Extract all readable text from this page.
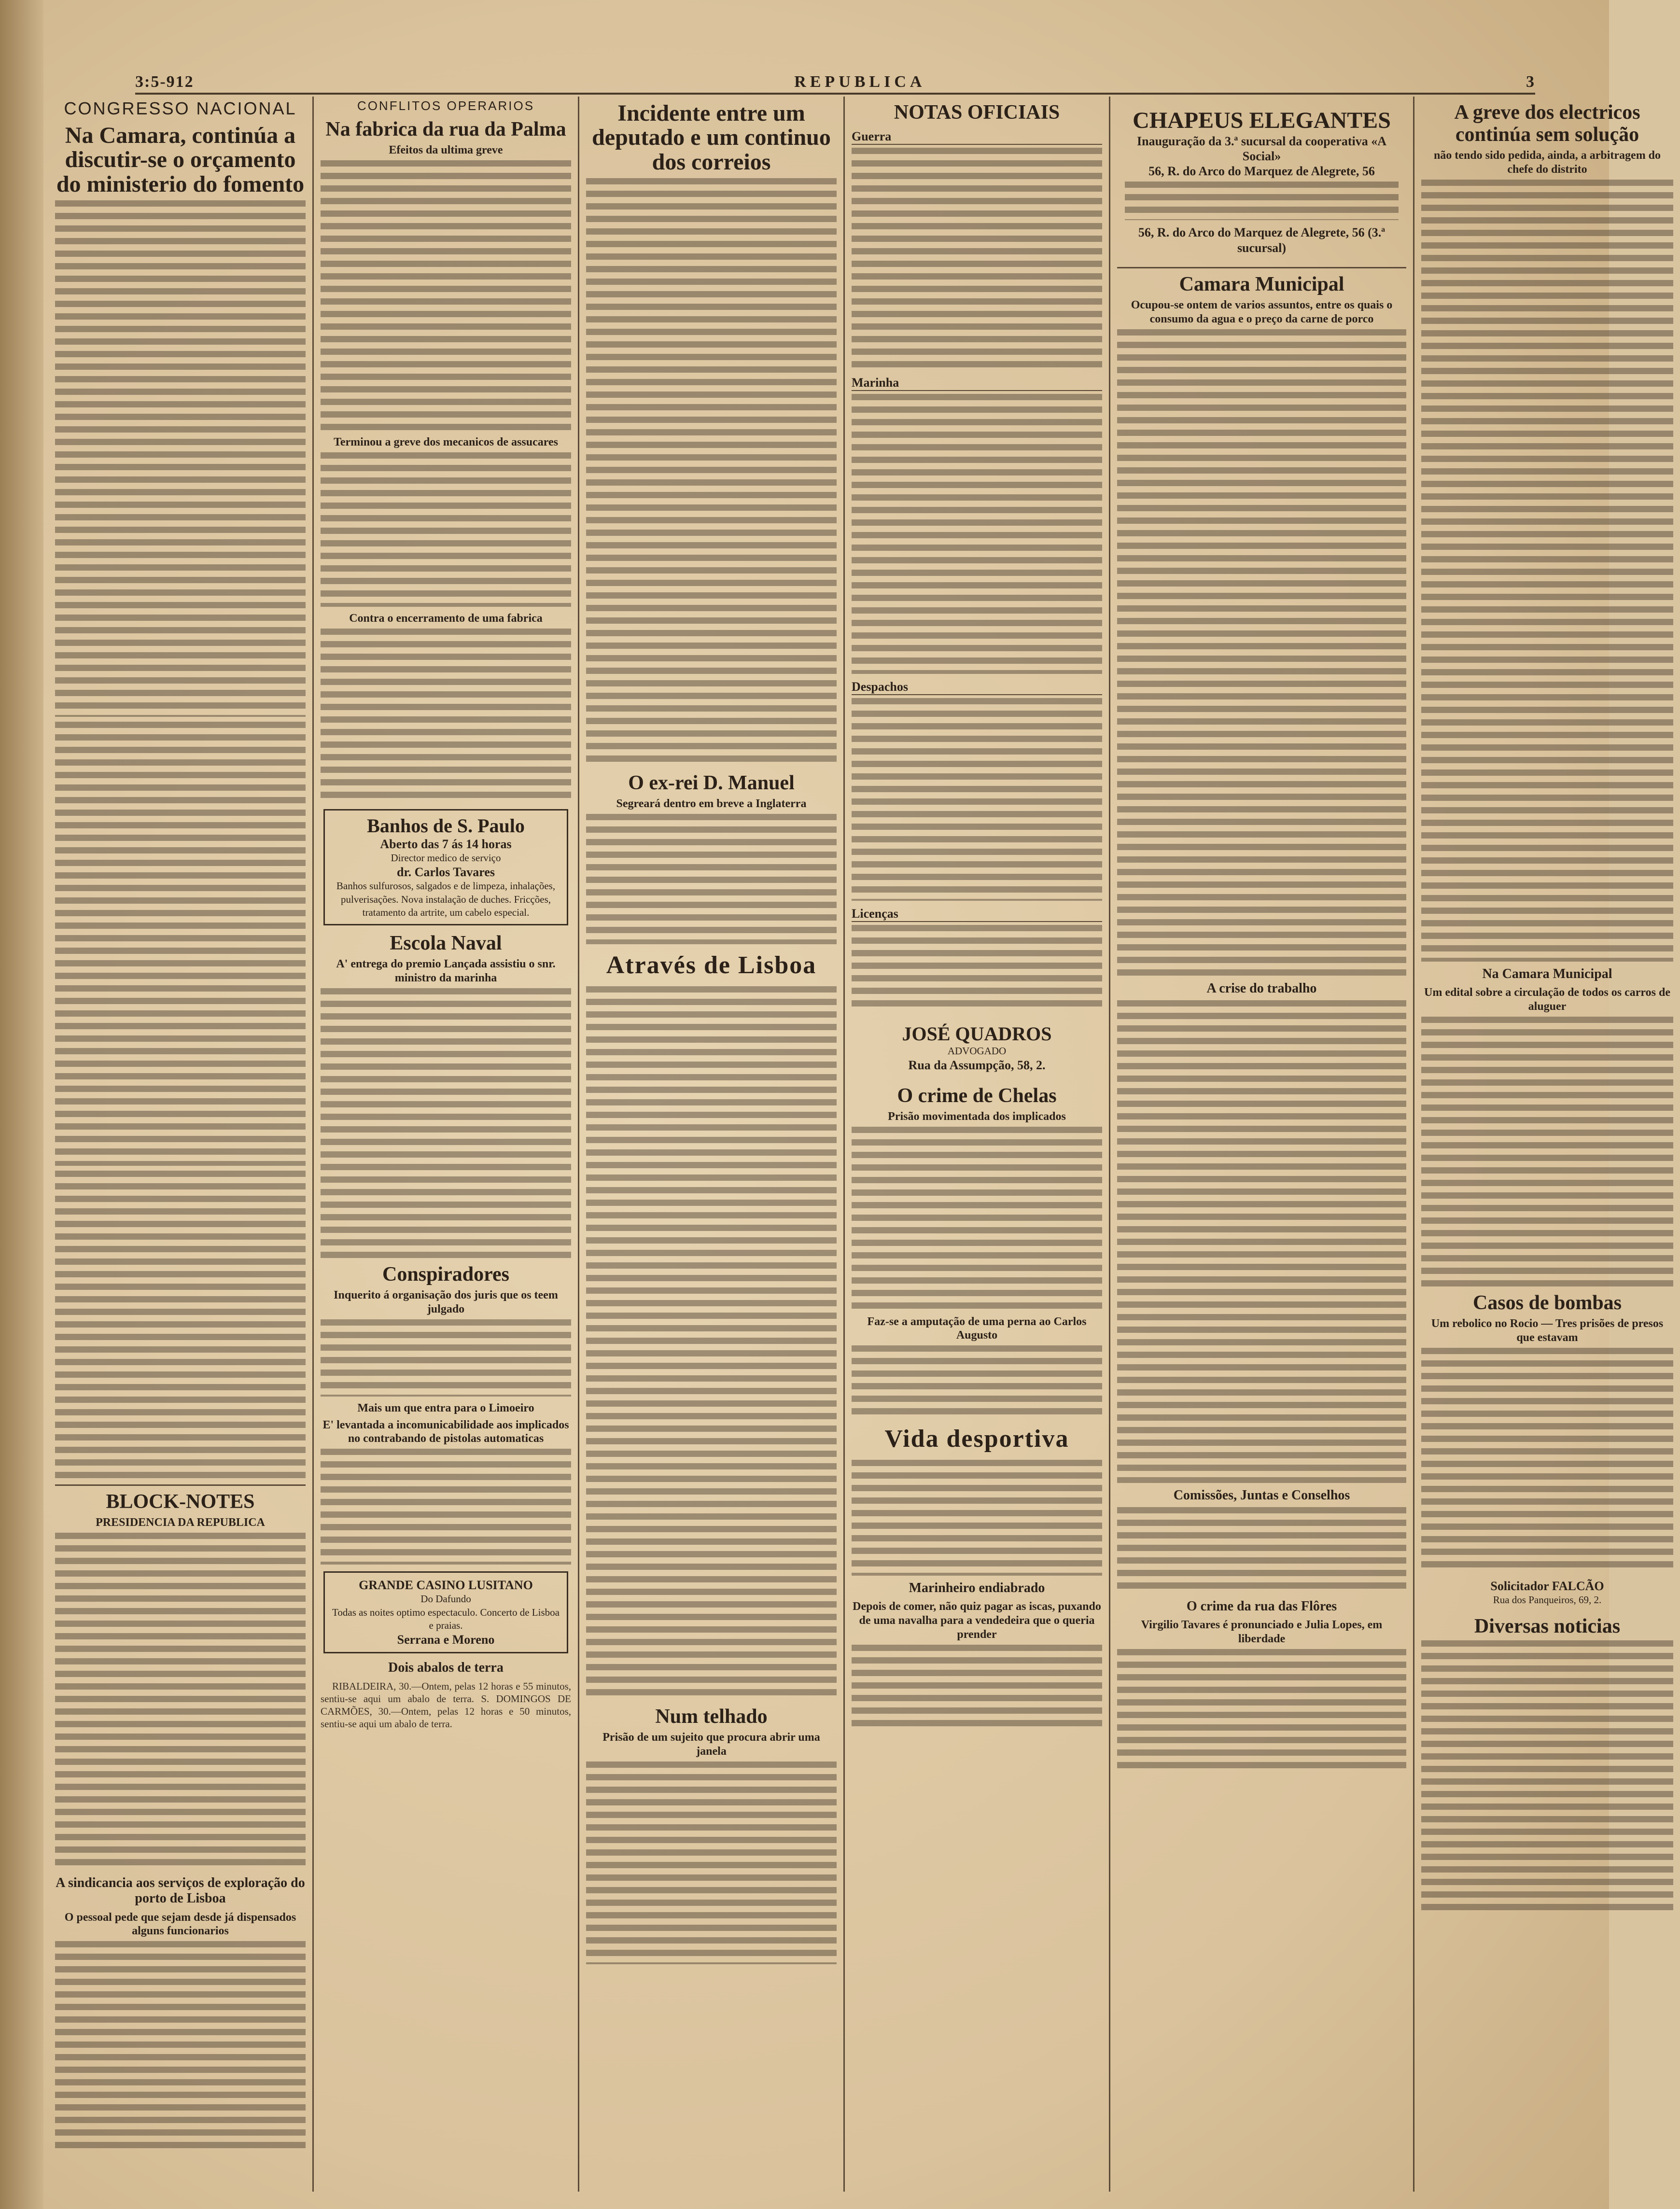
3:5-912	REPUBLICA	3
CONGRESSO NACIONAL
Na Camara, continúa a discutir-se o orçamento do ministerio do fomento
BLOCK-NOTES
PRESIDENCIA DA REPUBLICA
A sindicancia aos serviços de exploração do porto de Lisboa
O pessoal pede que sejam desde já dispensados alguns funcionarios
CONFLITOS OPERARIOS
Na fabrica da rua da Palma
Efeitos da ultima greve
Terminou a greve dos mecanicos de assucares
Contra o encerramento de uma fabrica
Banhos de S. Paulo
Aberto das 7 ás 14 horas
Director medico de serviço
dr. Carlos Tavares
Banhos sulfurosos, salgados e de limpeza, inhalações, pulverisações. Nova instalação de duches. Fricções, tratamento da artrite, um cabelo especial.
Escola Naval
A' entrega do premio Lançada assistiu o snr. ministro da marinha
Conspiradores
Inquerito á organisação dos juris que os teem julgado
Mais um que entra para o Limoeiro
E' levantada a incomunicabilidade aos implicados no contrabando de pistolas automaticas
GRANDE CASINO LUSITANO
Do Dafundo
Todas as noites optimo espectaculo. Concerto de Lisboa e praias.
Serrana e Moreno
Dois abalos de terra
RIBALDEIRA, 30.—Ontem, pelas 12 horas e 55 minutos, sentiu-se aqui um abalo de terra. S. DOMINGOS DE CARMÕES, 30.—Ontem, pelas 12 horas e 50 minutos, sentiu-se aqui um abalo de terra.
Incidente entre um deputado e um continuo dos correios
O ex-rei D. Manuel
Segreará dentro em breve a Inglaterra
Através de Lisboa
Num telhado
Prisão de um sujeito que procura abrir uma janela
NOTAS OFICIAIS
Guerra
Marinha
Despachos
Licenças
JOSÉ QUADROS
ADVOGADO
Rua da Assumpção, 58, 2.
O crime de Chelas
Prisão movimentada dos implicados
Faz-se a amputação de uma perna ao Carlos Augusto
Vida desportiva
Marinheiro endiabrado
Depois de comer, não quiz pagar as iscas, puxando de uma navalha para a vendedeira que o queria prender
CHAPEUS ELEGANTES
Inauguração da 3.ª sucursal da cooperativa «A Social»
56, R. do Arco do Marquez de Alegrete, 56
56, R. do Arco do Marquez de Alegrete, 56 (3.ª sucursal)
Camara Municipal
Ocupou-se ontem de varios assuntos, entre os quais o consumo da agua e o preço da carne de porco
A crise do trabalho
Comissões, Juntas e Conselhos
O crime da rua das Flôres
Virgilio Tavares é pronunciado e Julia Lopes, em liberdade
A greve dos electricos continúa sem solução
não tendo sido pedida, ainda, a arbitragem do chefe do distrito
Na Camara Municipal
Um edital sobre a circulação de todos os carros de aluguer
Casos de bombas
Um rebolico no Rocio — Tres prisões de presos que estavam
Solicitador FALCÃO
Rua dos Panqueiros, 69, 2.
Diversas noticias
